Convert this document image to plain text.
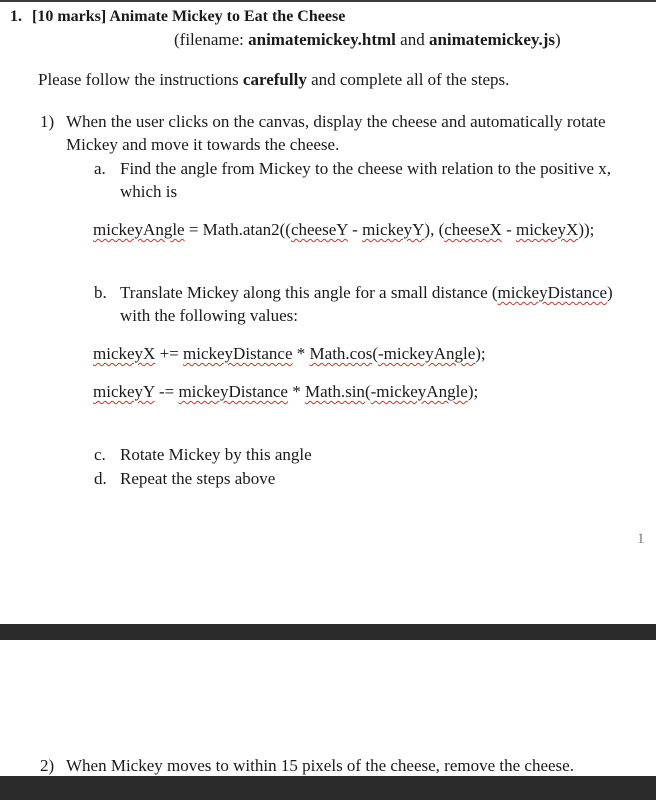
1. [10 marks] Animate Mickey to Eat the Cheese
(filename: animatemickey.html and animatemickey.js)
Please follow the instructions carefully and complete all of the steps.
1) When the user clicks on the canvas, display the cheese and automatically rotate
Mickey and move it towards the cheese.
a. Find the angle from Mickey to the cheese with relation to the positive x,
which is
mickeyAngle = Math.atan2((cheeseY - mickeyY), (cheeseX - mickeyX));
b. Translate Mickey along this angle for a small distance (mickeyDistance)
with the following values:
mickeyX += mickeyDistance * Math.cos(-mickeyAngle);
mickeyY -= mickeyDistance * Math.sin(-mickeyAngle);
c. Rotate Mickey by this angle
d. Repeat the steps above
1
2) When Mickey moves to within 15 pixels of the cheese, remove the cheese.
